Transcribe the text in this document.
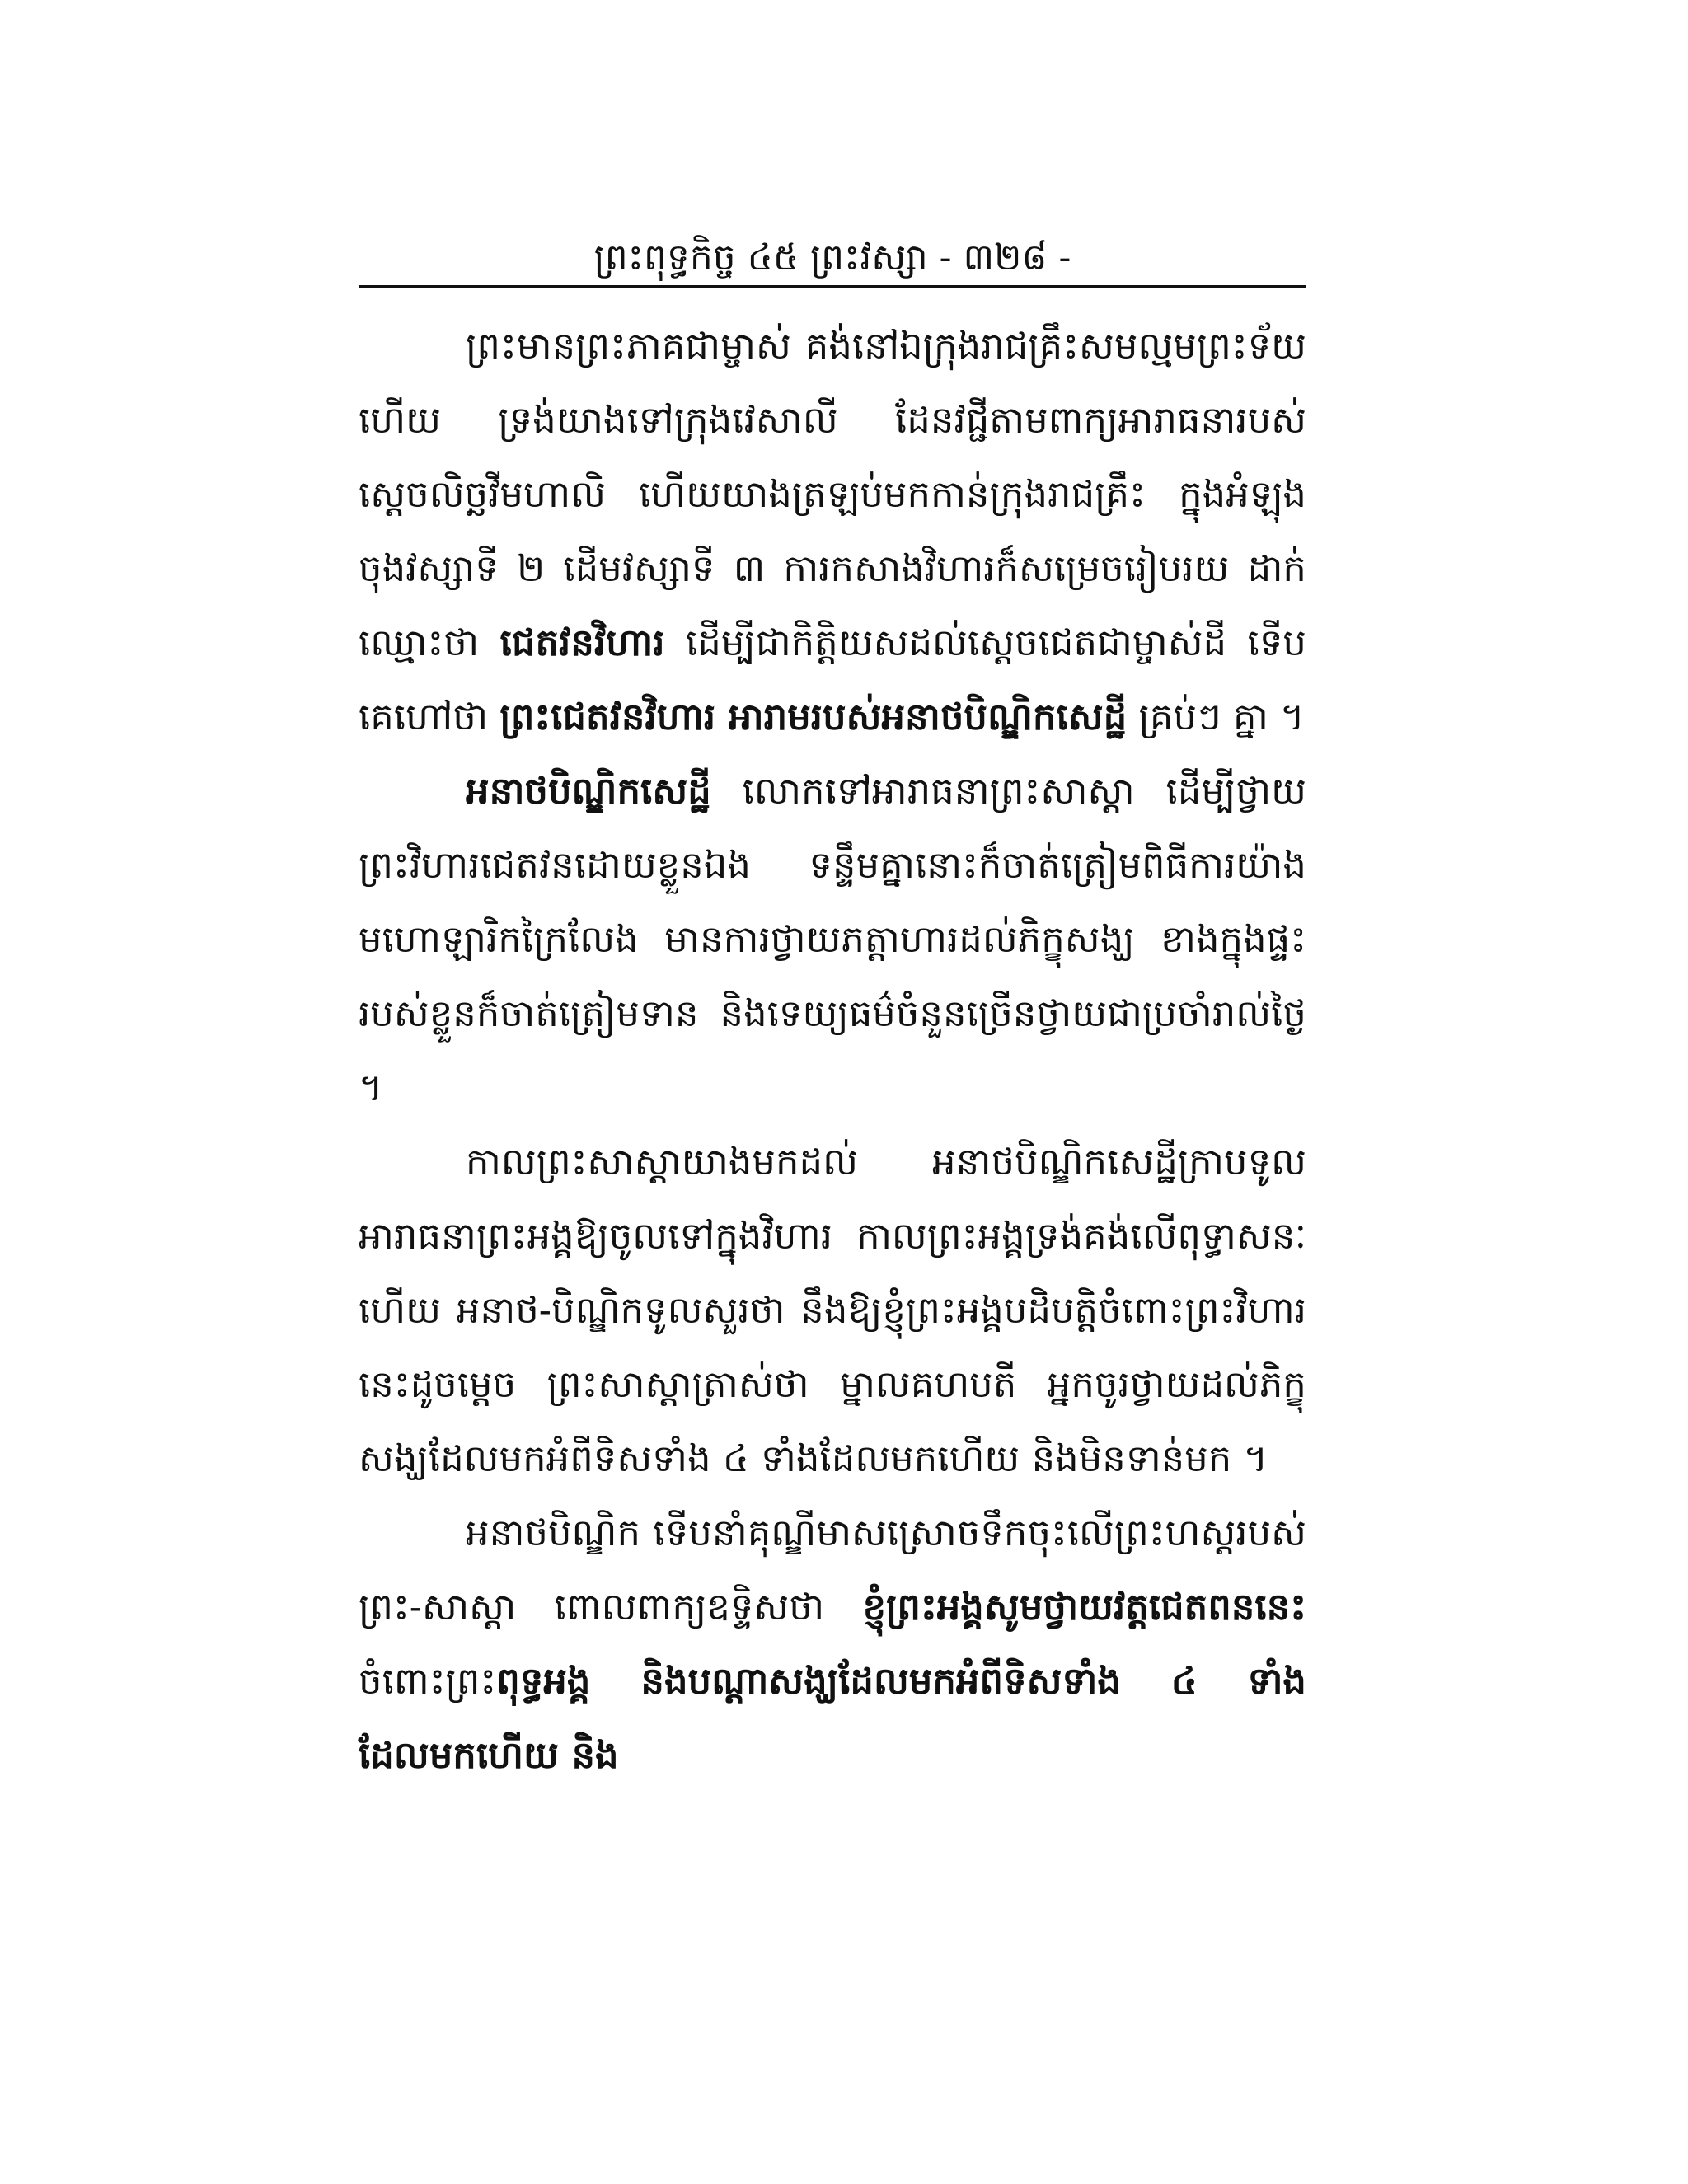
ព្រះពុទ្ធកិច្ច ៤៥ ព្រះវស្សា - ៣២៨ -

ព្រះមានព្រះភាគជាម្ចាស់ គង់នៅឯក្រុងរាជគ្រឹះសមល្មមព្រះទ័យហើយ ទ្រង់យាងទៅក្រុងវេសាលី ដែនវជ្ជីតាមពាក្យអារាធនារបស់ស្តេចលិច្ឆវីមហាលិ ហើយយាងត្រឡប់មកកាន់ក្រុងរាជគ្រឹះ ក្នុងអំឡុងចុងវស្សាទី ២ ដើមវស្សាទី ៣ ការកសាងវិហារក៏សម្រេចរៀបរយ ដាក់ឈ្មោះថា ជេតវនវិហារ ដើម្បីជាកិត្តិយសដល់ស្តេចជេតជាម្ចាស់ដី ទើបគេហៅថា ព្រះជេតវនវិហារ អារាមរបស់អនាថបិណ្ឌិកសេដ្ឋី គ្រប់ៗ គ្នា ។

អនាថបិណ្ឌិកសេដ្ឋី លោកទៅអារាធនាព្រះសាស្តា ដើម្បីថ្វាយព្រះវិហារជេតវនដោយខ្លួនឯង ទន្ទឹមគ្នានោះក៏ចាត់ត្រៀមពិធីការយ៉ាងមហោឡារិកក្រៃលែង មានការថ្វាយភត្តាហារដល់ភិក្ខុសង្ឃ ខាងក្នុងផ្ទះរបស់ខ្លួនក៏ចាត់ត្រៀមទាន និងទេយ្យធម៌ចំនួនច្រើនថ្វាយជាប្រចាំរាល់ថ្ងៃ ។

កាលព្រះសាស្តាយាងមកដល់ អនាថបិណ្ឌិកសេដ្ឋីក្រាបទូលអារាធនាព្រះអង្គឱ្យចូលទៅក្នុងវិហារ កាលព្រះអង្គទ្រង់គង់លើពុទ្ធាសនៈហើយ អនាថ-បិណ្ឌិកទូលសួរថា នឹងឱ្យខ្ញុំព្រះអង្គបដិបត្តិចំពោះព្រះវិហារនេះដូចម្តេច ព្រះសាស្តាត្រាស់ថា ម្នាលគហបតី អ្នកចូរថ្វាយដល់ភិក្ខុសង្ឃដែលមកអំពីទិសទាំង ៤ ទាំងដែលមកហើយ និងមិនទាន់មក ។

អនាថបិណ្ឌិក ទើបនាំគុណ្ឌីមាសស្រោចទឹកចុះលើព្រះហស្តរបស់ព្រះ-សាស្តា ពោលពាក្យឧទ្ទិសថា ខ្ញុំព្រះអង្គសូមថ្វាយវត្តជេតពននេះ ចំពោះព្រះពុទ្ធអង្គ និងបណ្តាសង្ឃដែលមកអំពីទិសទាំង ៤ ទាំងដែលមកហើយ និង
